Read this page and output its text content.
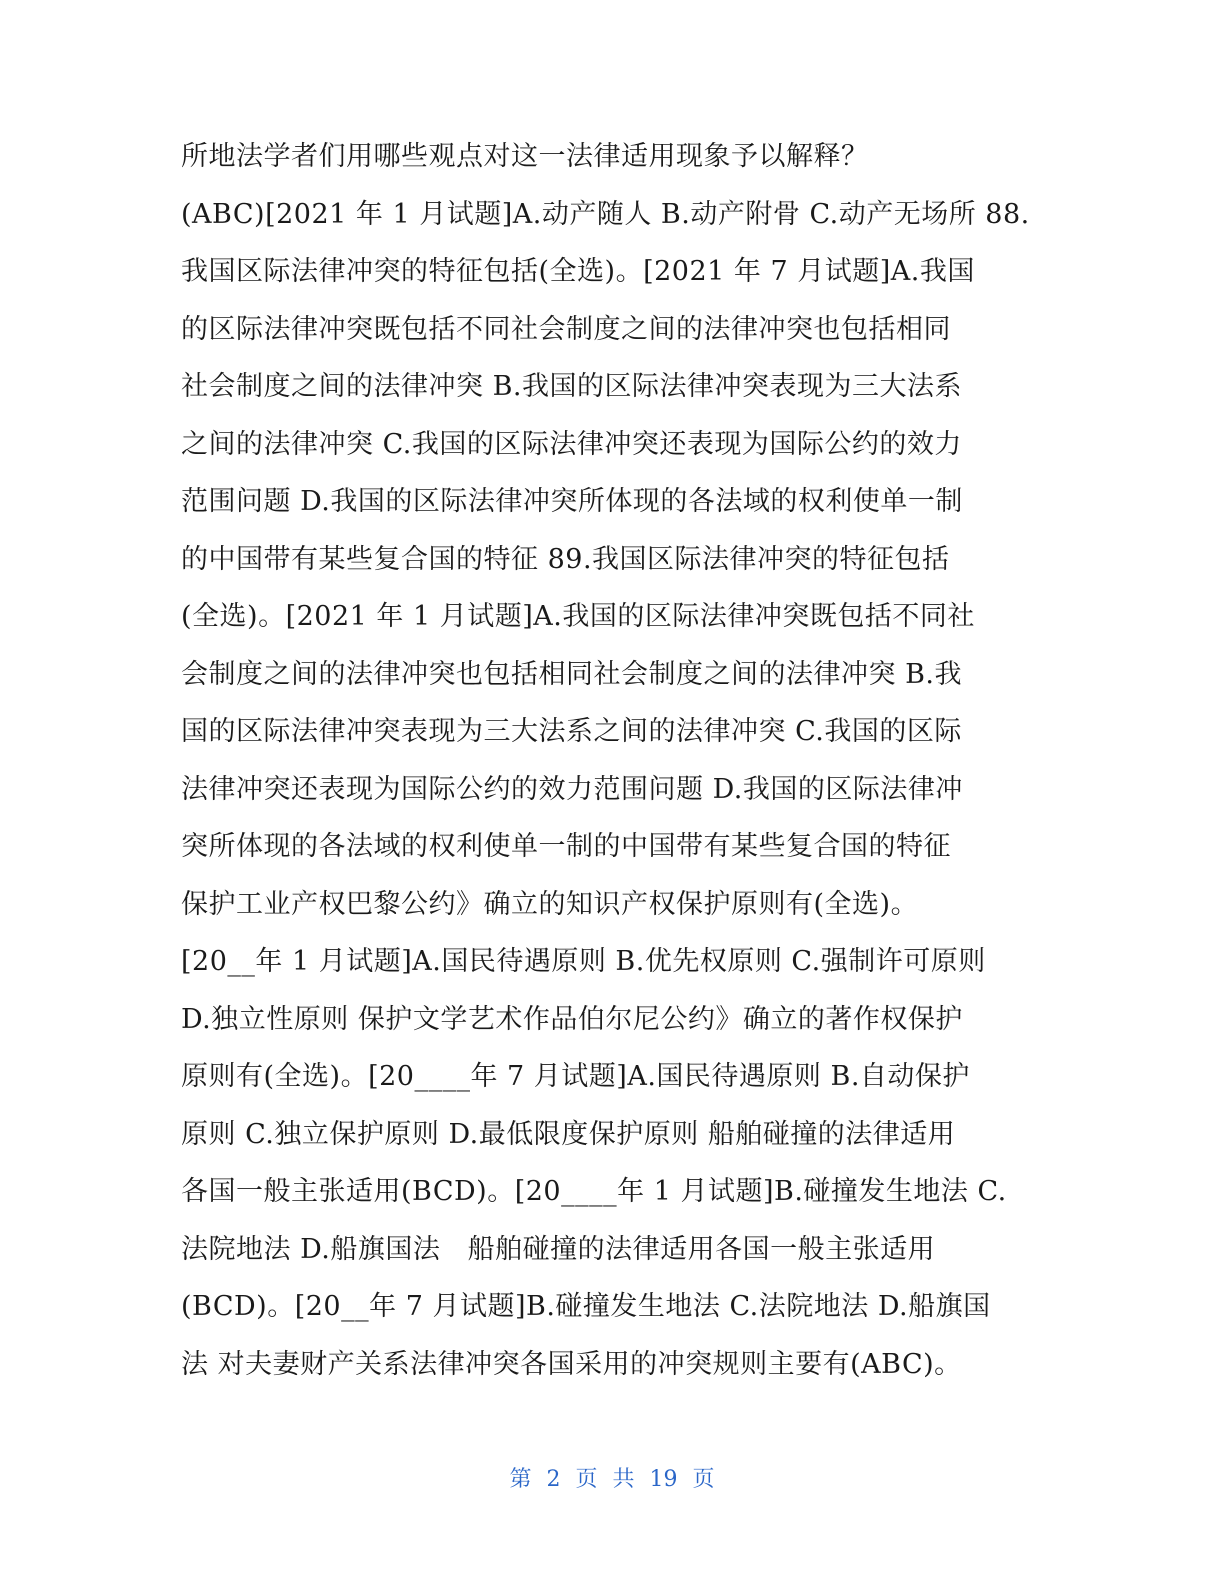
所地法学者们用哪些观点对这一法律适用现象予以解释？
(ABC)[2021 年 1 月试题]A.动产随人 B.动产附骨 C.动产无场所 88.
我国区际法律冲突的特征包括(全选)。[2021 年 7 月试题]A.我国
的区际法律冲突既包括不同社会制度之间的法律冲突也包括相同
社会制度之间的法律冲突 B.我国的区际法律冲突表现为三大法系
之间的法律冲突 C.我国的区际法律冲突还表现为国际公约的效力
范围问题 D.我国的区际法律冲突所体现的各法域的权利使单一制
的中国带有某些复合国的特征 89.我国区际法律冲突的特征包括
(全选)。[2021 年 1 月试题]A.我国的区际法律冲突既包括不同社
会制度之间的法律冲突也包括相同社会制度之间的法律冲突 B.我
国的区际法律冲突表现为三大法系之间的法律冲突 C.我国的区际
法律冲突还表现为国际公约的效力范围问题 D.我国的区际法律冲
突所体现的各法域的权利使单一制的中国带有某些复合国的特征
保护工业产权巴黎公约》确立的知识产权保护原则有(全选)。
[20__年 1 月试题]A.国民待遇原则 B.优先权原则 C.强制许可原则
D.独立性原则 保护文学艺术作品伯尔尼公约》确立的著作权保护
原则有(全选)。[20____年 7 月试题]A.国民待遇原则 B.自动保护
原则 C.独立保护原则 D.最低限度保护原则 船舶碰撞的法律适用
各国一般主张适用(BCD)。[20____年 1 月试题]B.碰撞发生地法 C.
法院地法 D.船旗国法   船舶碰撞的法律适用各国一般主张适用
(BCD)。[20__年 7 月试题]B.碰撞发生地法 C.法院地法 D.船旗国
法 对夫妻财产关系法律冲突各国采用的冲突规则主要有(ABC)。
第 2 页 共 19 页
